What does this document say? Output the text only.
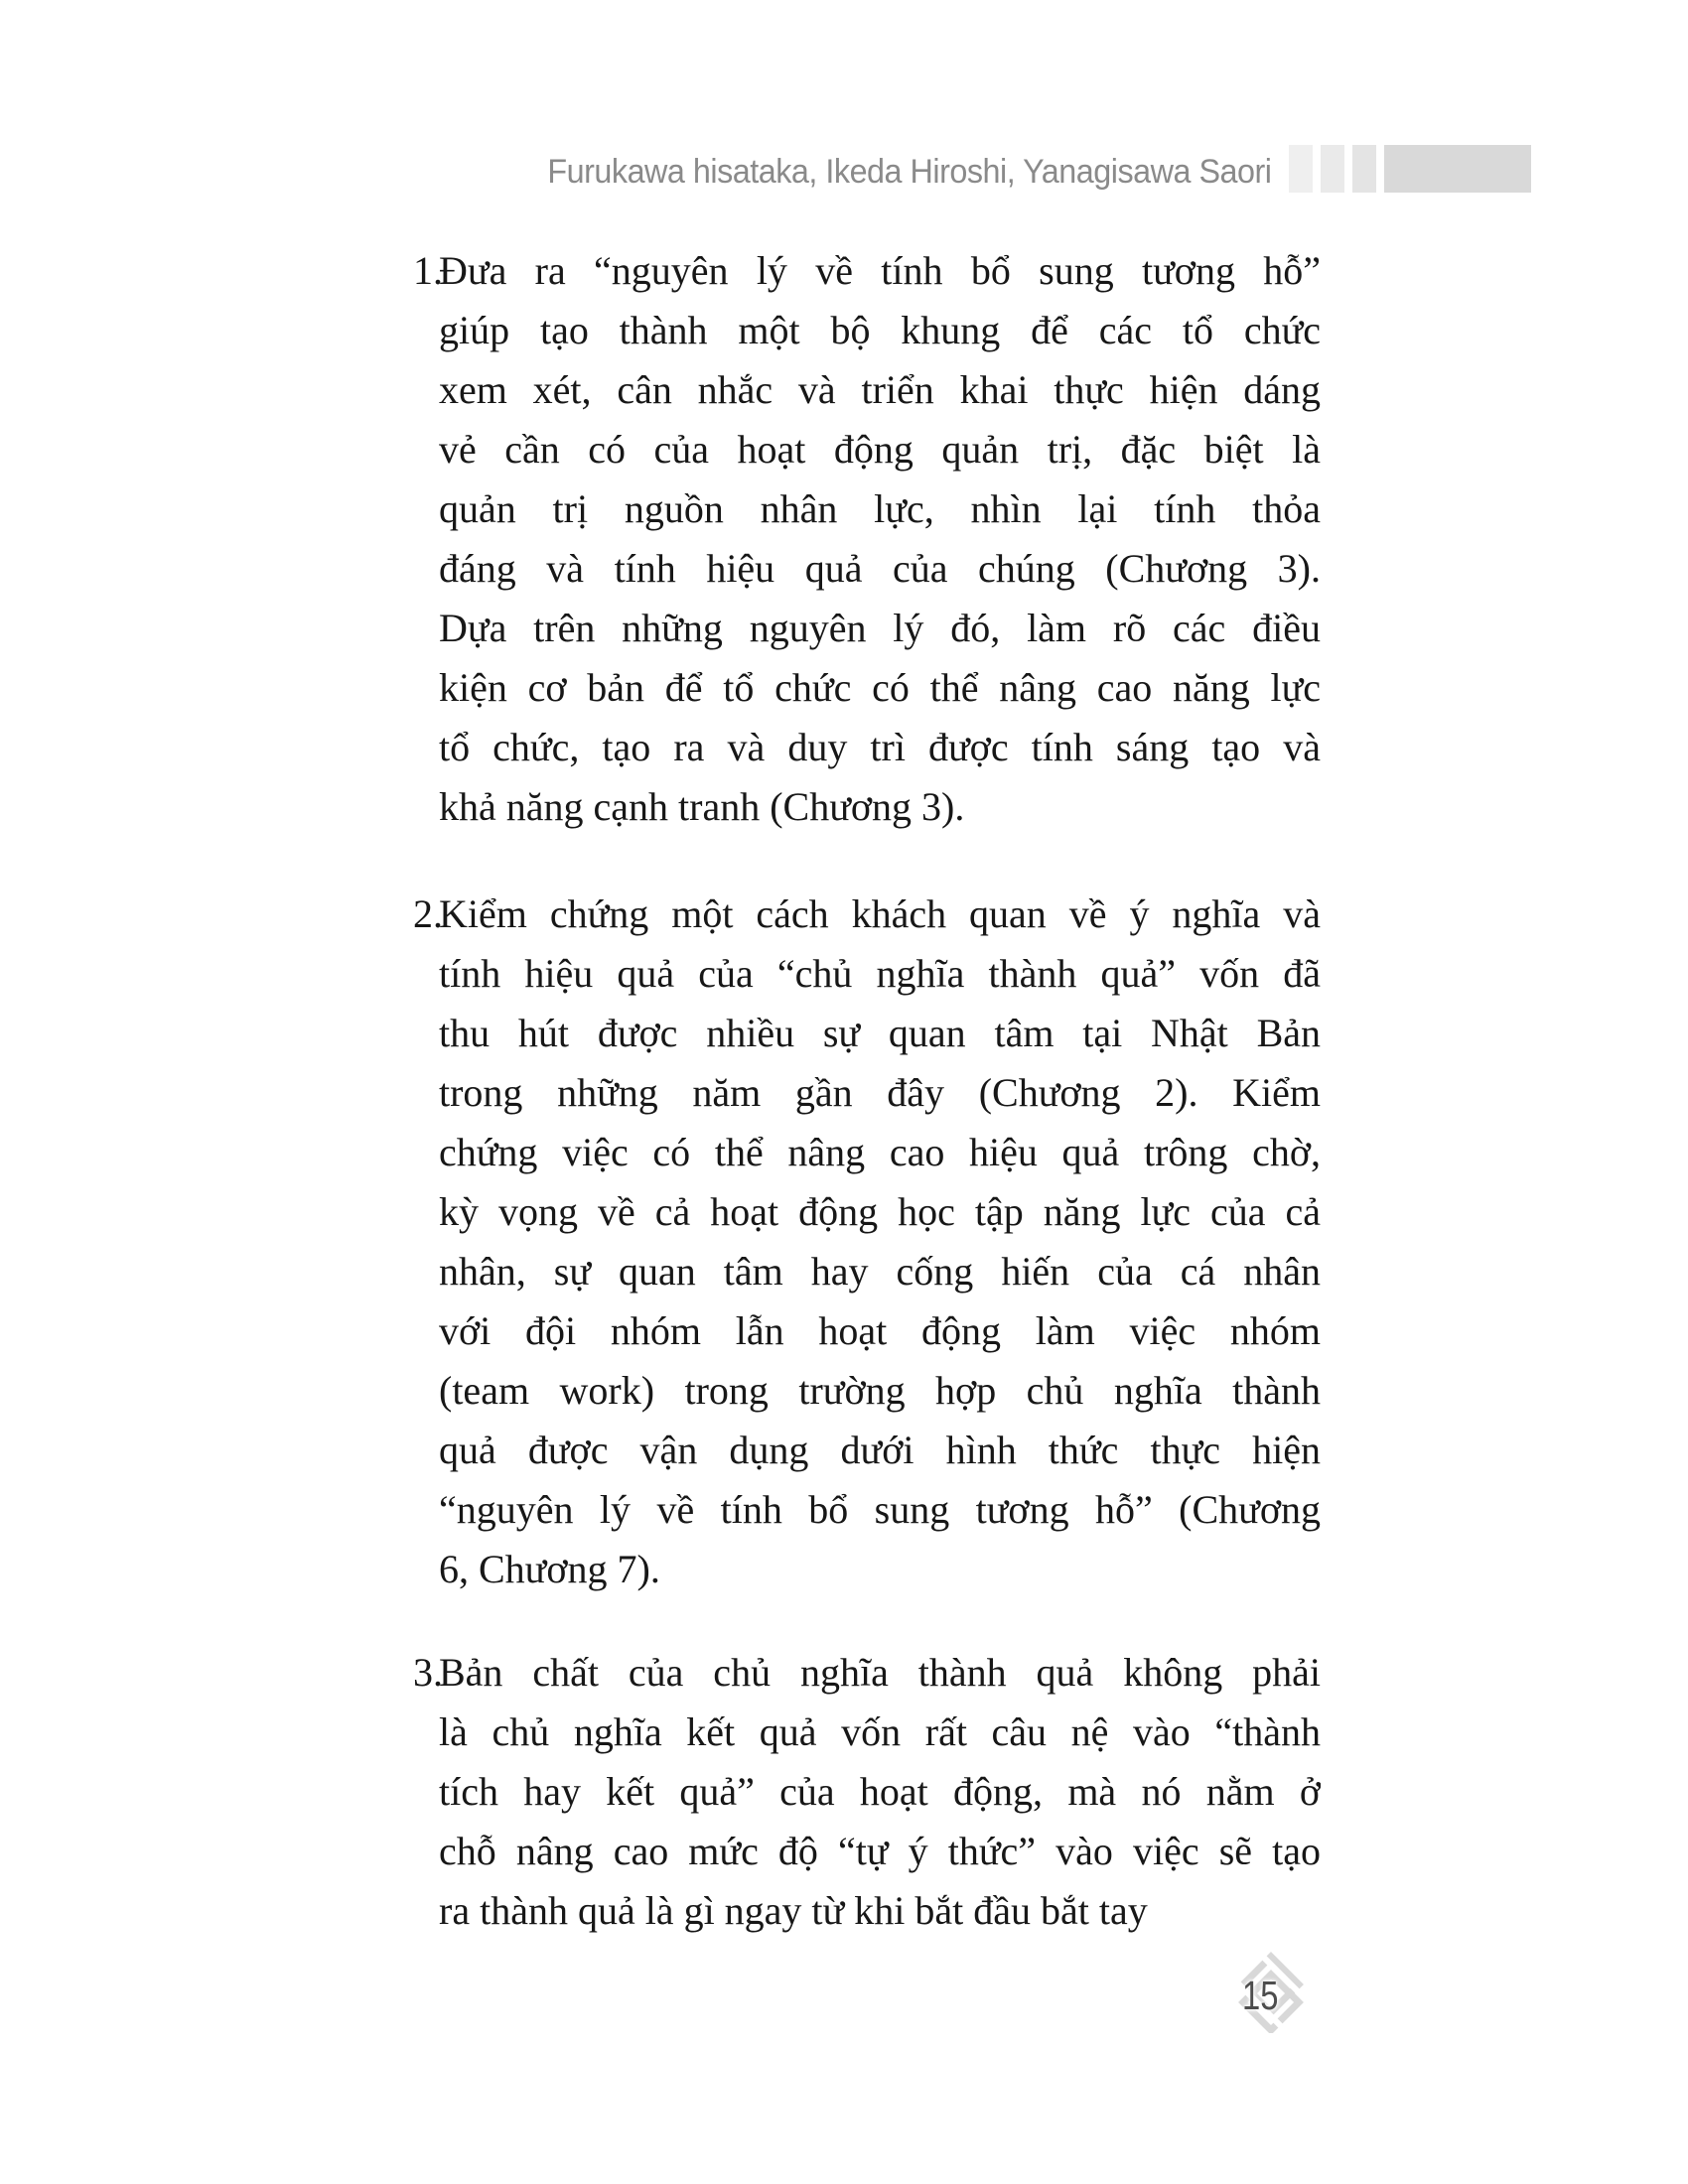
Furukawa hisataka, Ikeda Hiroshi, Yanagisawa Saori
1.
Đưa ra “nguyên lý về tính bổ sung tương hỗ”
giúp tạo thành một bộ khung để các tổ chức
xem xét, cân nhắc và triển khai thực hiện dáng
vẻ cần có của hoạt động quản trị, đặc biệt là
quản trị nguồn nhân lực, nhìn lại tính thỏa
đáng và tính hiệu quả của chúng (Chương 3).
Dựa trên những nguyên lý đó, làm rõ các điều
kiện cơ bản để tổ chức có thể nâng cao năng lực
tổ chức, tạo ra và duy trì được tính sáng tạo và
khả năng cạnh tranh (Chương 3).
2.
Kiểm chứng một cách khách quan về ý nghĩa và
tính hiệu quả của “chủ nghĩa thành quả” vốn đã
thu hút được nhiều sự quan tâm tại Nhật Bản
trong những năm gần đây (Chương 2). Kiểm
chứng việc có thể nâng cao hiệu quả trông chờ,
kỳ vọng về cả hoạt động học tập năng lực của cả
nhân, sự quan tâm hay cống hiến của cá nhân
với đội nhóm lẫn hoạt động làm việc nhóm
(team work) trong trường hợp chủ nghĩa thành
quả được vận dụng dưới hình thức thực hiện
“nguyên lý về tính bổ sung tương hỗ” (Chương
6, Chương 7).
3.
Bản chất của chủ nghĩa thành quả không phải
là chủ nghĩa kết quả vốn rất câu nệ vào “thành
tích hay kết quả” của hoạt động, mà nó nằm ở
chỗ nâng cao mức độ “tự ý thức” vào việc sẽ tạo
ra thành quả là gì ngay từ khi bắt đầu bắt tay
15
